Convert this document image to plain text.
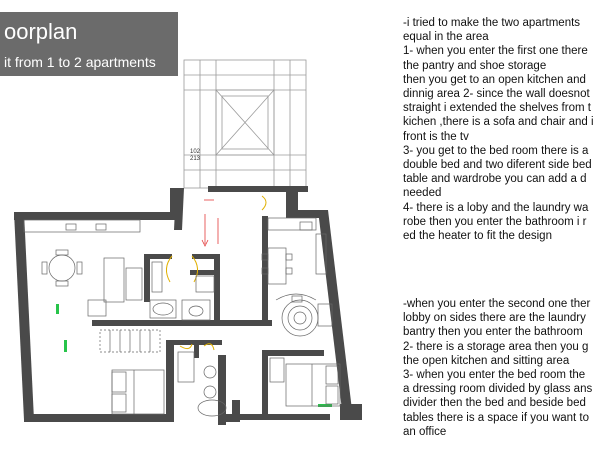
oorplan
it from 1 to 2 apartments
102
213
-i tried to make the two apartments
equal in the area
1- when you enter the first one there
the pantry and shoe storage
then you get to an open kitchen and
dinnig area 2- since the wall doesnot
straight i extended the shelves from t
kichen ,there is a sofa and chair and i
front is the tv
3- you get to the bed room there is a
double bed and two diferent side bed
table and wardrobe you can add a d
needed
4- there is a loby and the laundry wa
robe then you enter the bathroom i r
ed the heater to fit the design
-when you enter the second one ther
lobby on sides there are the laundry
bantry then you enter the bathroom
2- there is a storage area then you g
the open kitchen and sitting area
3- when you enter the bed room the
a dressing room divided by glass ans
divider then the bed and beside bed
tables there is a space if you want to
an office
